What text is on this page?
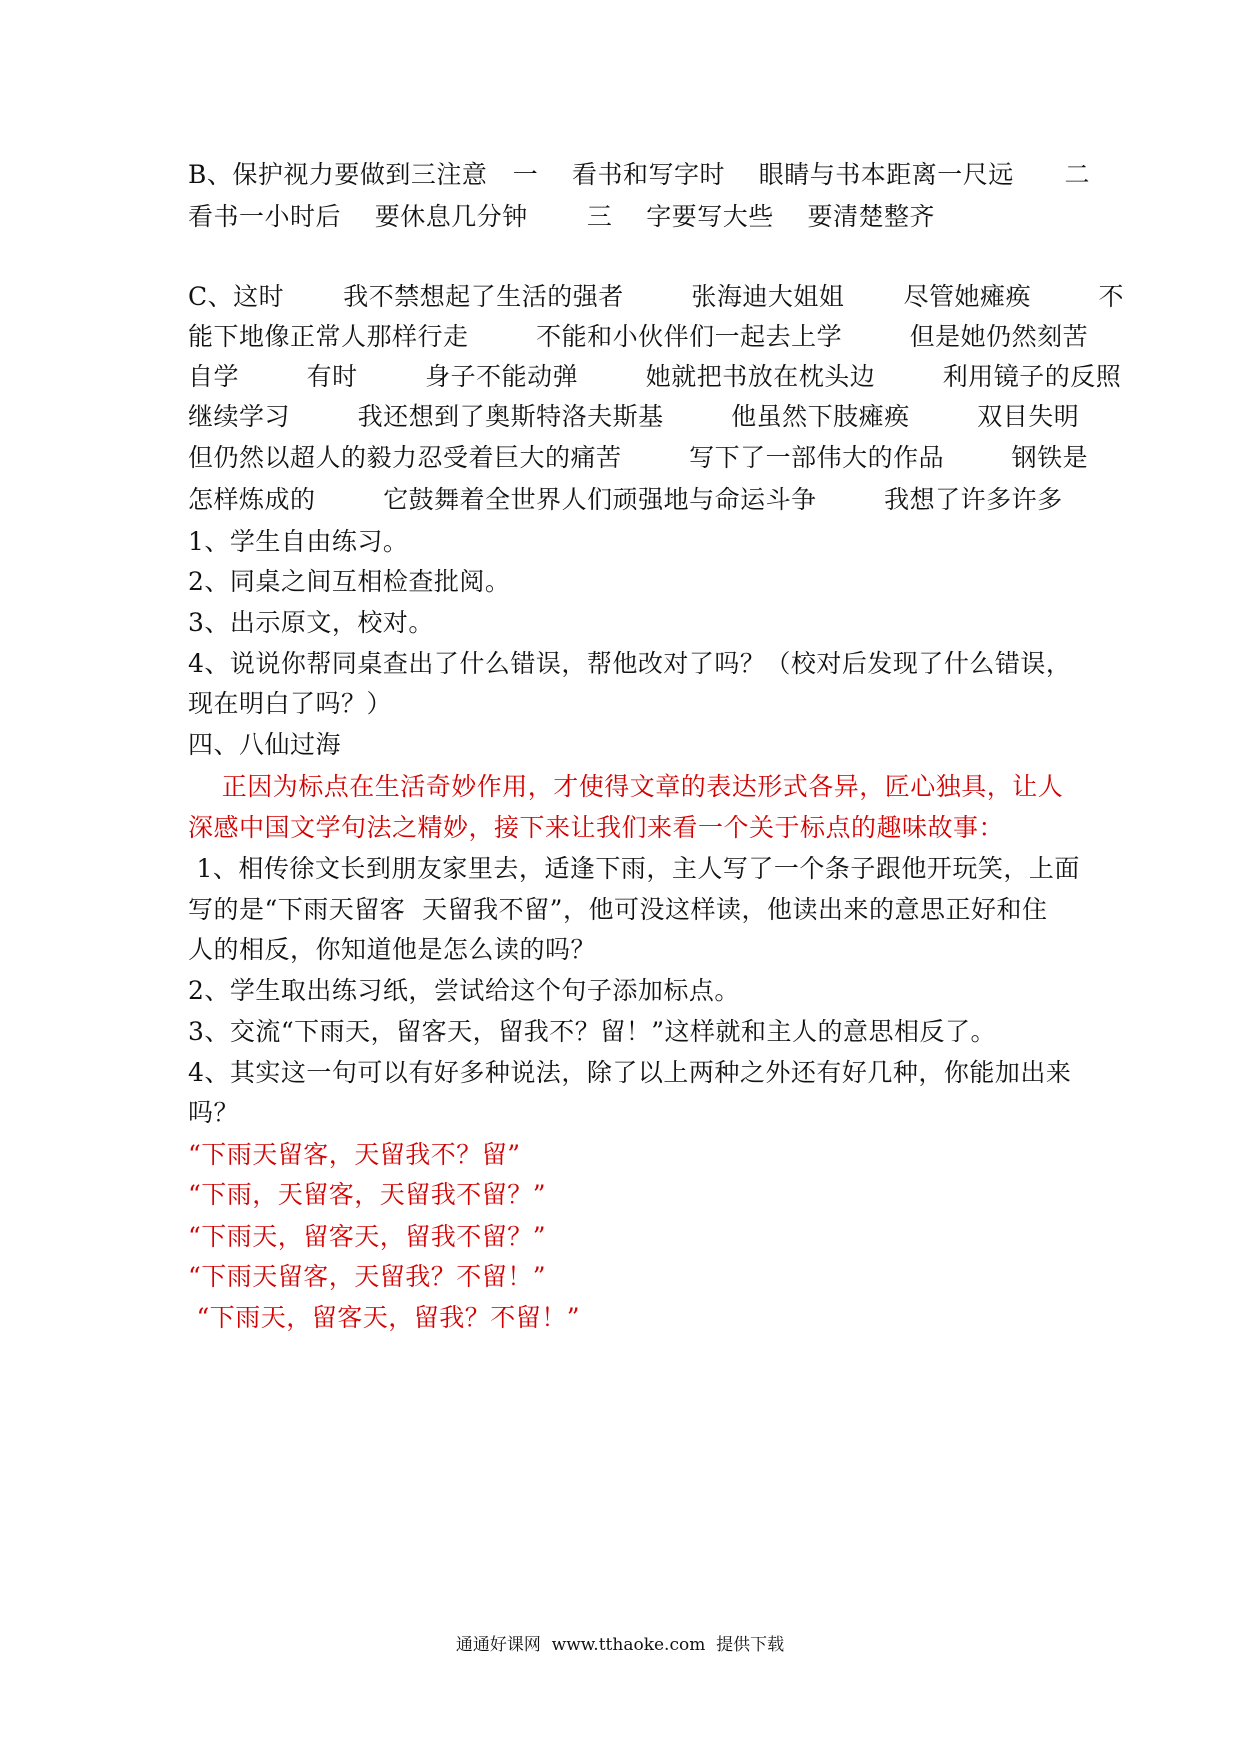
B、保护视力要做到三注意   一    看书和写字时    眼睛与书本距离一尺远      二
看书一小时后    要休息几分钟       三    字要写大些    要清楚整齐
C、这时       我不禁想起了生活的强者        张海迪大姐姐       尽管她瘫痪        不
能下地像正常人那样行走        不能和小伙伴们一起去上学        但是她仍然刻苦
自学        有时        身子不能动弹        她就把书放在枕头边        利用镜子的反照
继续学习        我还想到了奥斯特洛夫斯基        他虽然下肢瘫痪        双目失明
但仍然以超人的毅力忍受着巨大的痛苦        写下了一部伟大的作品        钢铁是
怎样炼成的        它鼓舞着全世界人们顽强地与命运斗争        我想了许多许多
1、学生自由练习。
2、同桌之间互相检查批阅。
3、出示原文，校对。
4、说说你帮同桌查出了什么错误，帮他改对了吗？（校对后发现了什么错误，
现在明白了吗？）
四、八仙过海
正因为标点在生活奇妙作用，才使得文章的表达形式各异，匠心独具，让人
深感中国文学句法之精妙，接下来让我们来看一个关于标点的趣味故事：
1、相传徐文长到朋友家里去，适逢下雨，主人写了一个条子跟他开玩笑，上面
写的是“下雨天留客  天留我不留”，他可没这样读，他读出来的意思正好和住
人的相反，你知道他是怎么读的吗？
2、学生取出练习纸，尝试给这个句子添加标点。
3、交流“下雨天，留客天，留我不？留！”这样就和主人的意思相反了。
4、其实这一句可以有好多种说法，除了以上两种之外还有好几种，你能加出来
吗？
“下雨天留客，天留我不？留”
“下雨，天留客，天留我不留？”
“下雨天，留客天，留我不留？”
“下雨天留客，天留我？不留！”
“下雨天，留客天，留我？不留！”
通通好课网  www.tthaoke.com  提供下载
